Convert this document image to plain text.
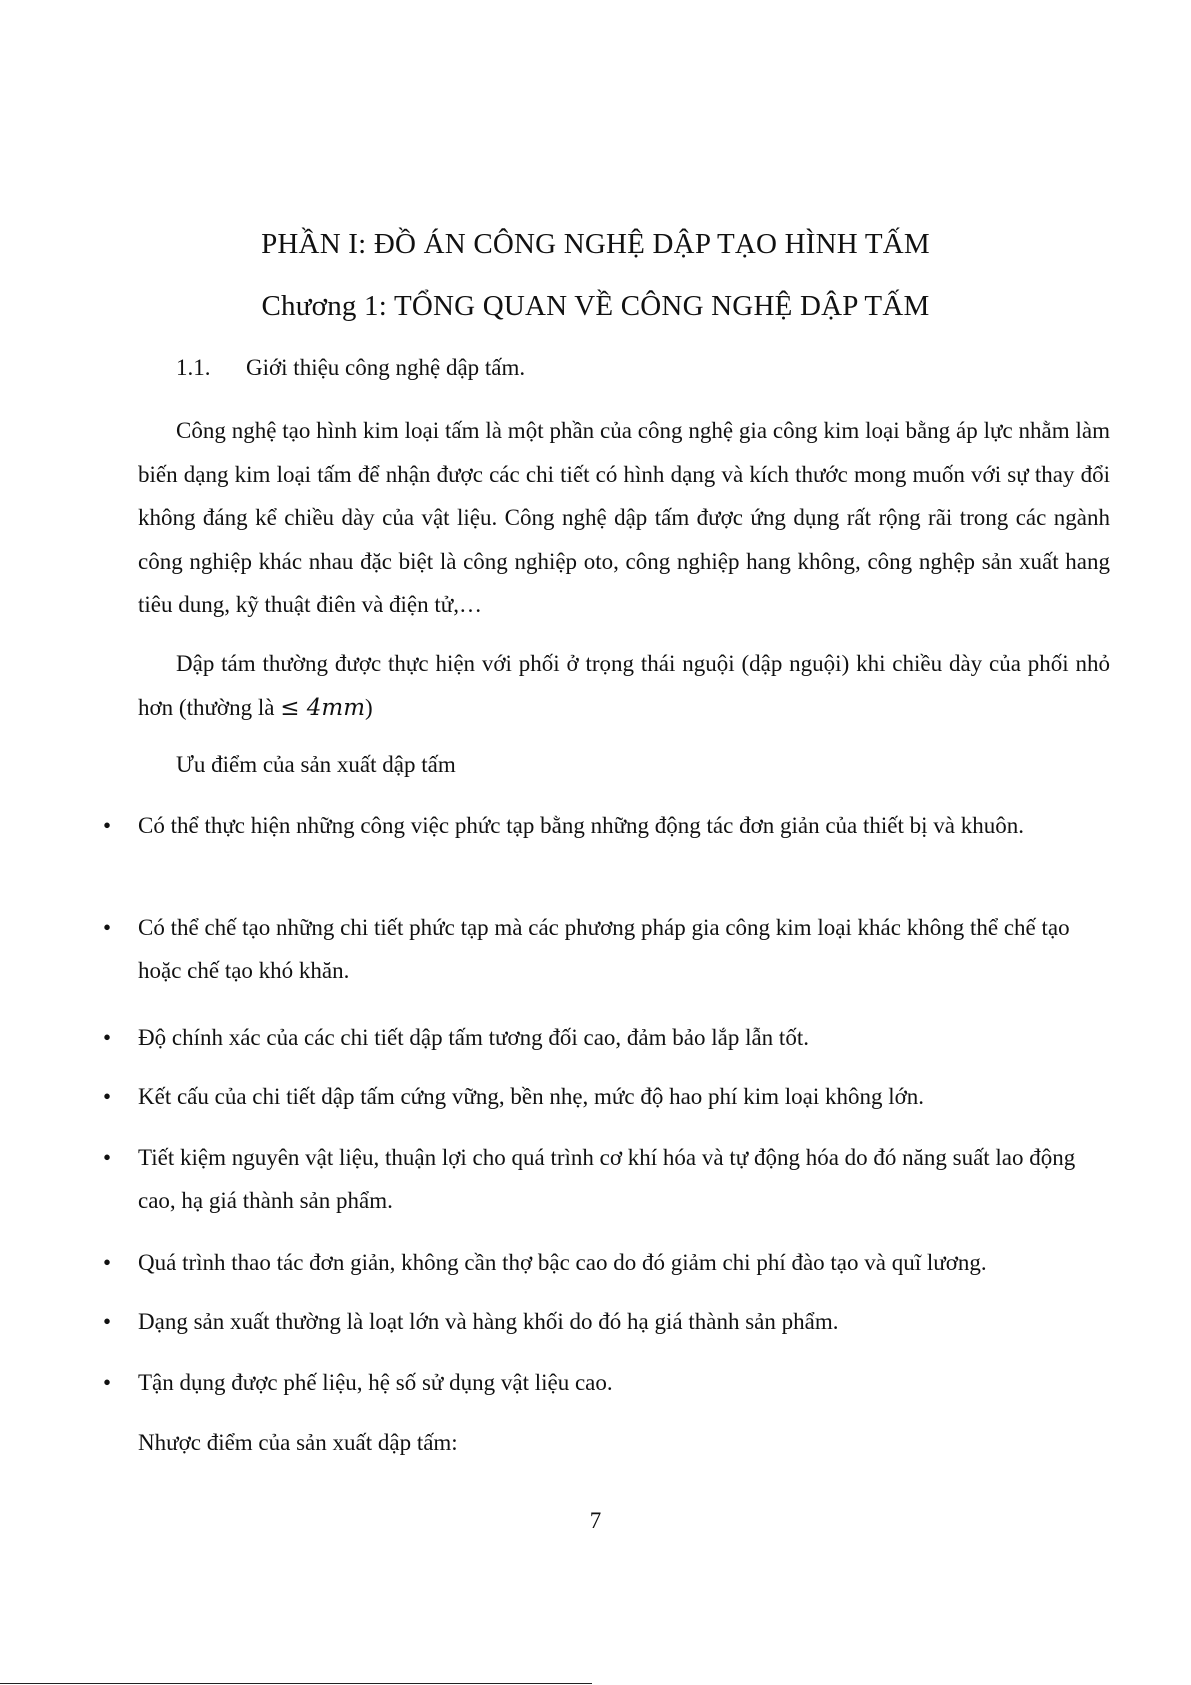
PHẦN I: ĐỒ ÁN CÔNG NGHỆ DẬP TẠO HÌNH TẤM
Chương 1: TỔNG QUAN VỀ CÔNG NGHỆ DẬP TẤM
1.1. Giới thiệu công nghệ dập tấm.
Công nghệ tạo hình kim loại tấm là một phần của công nghệ gia công kim loại bằng áp lực nhằm làm biến dạng kim loại tấm để nhận được các chi tiết có hình dạng và kích thước mong muốn với sự thay đổi không đáng kể chiều dày của vật liệu. Công nghệ dập tấm được ứng dụng rất rộng rãi trong các ngành công nghiệp khác nhau đặc biệt là công nghiệp oto, công nghiệp hang không, công nghệp sản xuất hang tiêu dung, kỹ thuật điên và điện tử,…
Dập tám thường được thực hiện với phối ở trọng thái nguội (dập nguội) khi chiều dày của phối nhỏ hơn (thường là ≤ 4mm)
Ưu điểm của sản xuất dập tấm
•	Có thể thực hiện những công việc phức tạp bằng những động tác đơn giản của thiết bị và khuôn.
•	Có thể chế tạo những chi tiết phức tạp mà các phương pháp gia công kim loại khác không thể chế tạo hoặc chế tạo khó khăn.
•	Độ chính xác của các chi tiết dập tấm tương đối cao, đảm bảo lắp lẫn tốt.
•	Kết cấu của chi tiết dập tấm cứng vững, bền nhẹ, mức độ hao phí kim loại không lớn.
•	Tiết kiệm nguyên vật liệu, thuận lợi cho quá trình cơ khí hóa và tự động hóa do đó năng suất lao động cao, hạ giá thành sản phẩm.
•	Quá trình thao tác đơn giản, không cần thợ bậc cao do đó giảm chi phí đào tạo và quĩ lương.
•	Dạng sản xuất thường là loạt lớn và hàng khối do đó hạ giá thành sản phẩm.
•	Tận dụng được phế liệu, hệ số sử dụng vật liệu cao.
Nhược điểm của sản xuất dập tấm:
7
